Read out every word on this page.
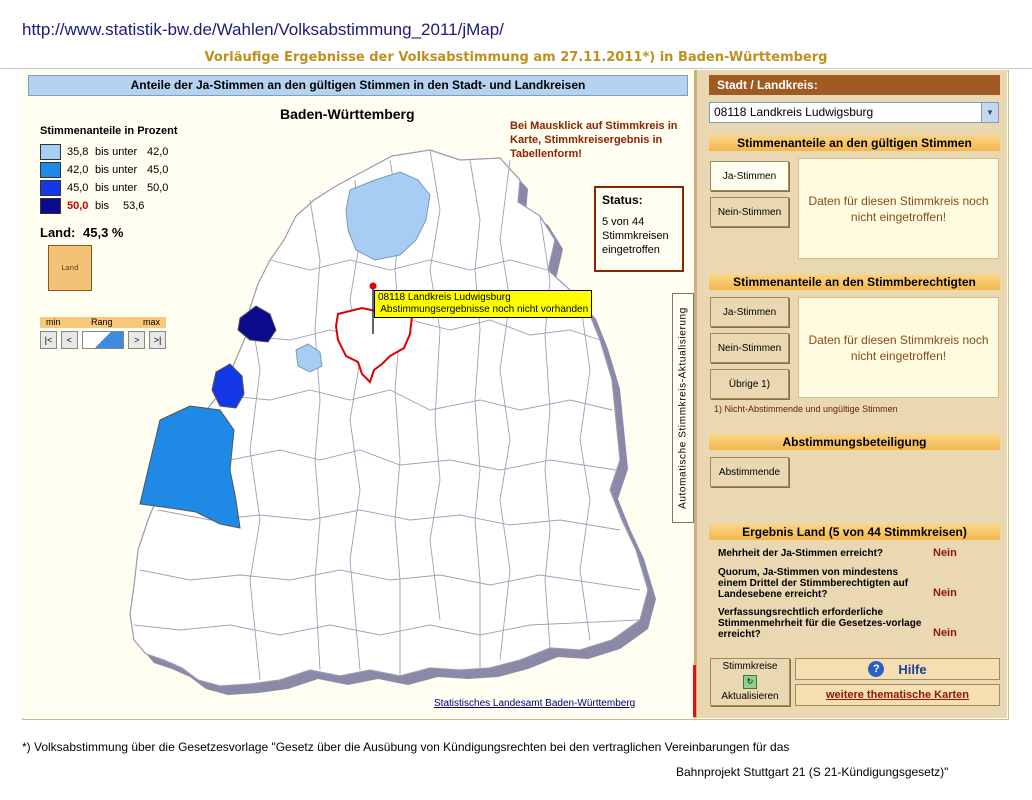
http://www.statistik-bw.de/Wahlen/Volksabstimmung_2011/jMap/
Vorläufige Ergebnisse der Volksabstimmung am 27.11.2011*) in Baden-Württemberg
Anteile der Ja-Stimmen an den gültigen Stimmen in den Stadt- und Landkreisen
Baden-Württemberg
Bei Mausklick auf Stimmkreis in Karte, Stimmkreisergebnis in Tabellenform!
08118 Landkreis Ludwigsburg
Abstimmungsergebnisse noch nicht vorhanden
Stimmenanteile in Prozent
35,8 bis unter 42,0
42,0 bis unter 45,0
45,0 bis unter 50,0
50,0 bis	53,6
Land: 45,3 %
Land
min	Rang	max
|<	<	>	>|
Status:
5 von 44 Stimmkreisen eingetroffen
Automatische Stimmkreis-Aktualisierung
Statistisches Landesamt Baden-Württemberg
Stadt / Landkreis:
08118 Landkreis Ludwigsburg	▼
Stimmenanteile an den gültigen Stimmen
Ja-Stimmen
Nein-Stimmen
Daten für diesen Stimmkreis noch nicht eingetroffen!
Stimmenanteile an den Stimmberechtigten
Ja-Stimmen
Nein-Stimmen
Übrige 1)
Daten für diesen Stimmkreis noch nicht eingetroffen!
1) Nicht-Abstimmende und ungültige Stimmen
Abstimmungsbeteiligung
Abstimmende
Ergebnis Land (5 von 44 Stimmkreisen)
Mehrheit der Ja-Stimmen erreicht?	Nein
Quorum, Ja-Stimmen von mindestens einem Drittel der Stimmberechtigten auf Landesebene erreicht?	Nein
Verfassungsrechtlich erforderliche Stimmenmehrheit für die Gesetzes-vorlage erreicht?	Nein
Stimmkreise
↻
Aktualisieren
?	Hilfe
weitere thematische Karten
*) Volksabstimmung über die Gesetzesvorlage "Gesetz über die Ausübung von Kündigungsrechten bei den vertraglichen Vereinbarungen für das
Bahnprojekt Stuttgart 21 (S 21-Kündigungsgesetz)"
